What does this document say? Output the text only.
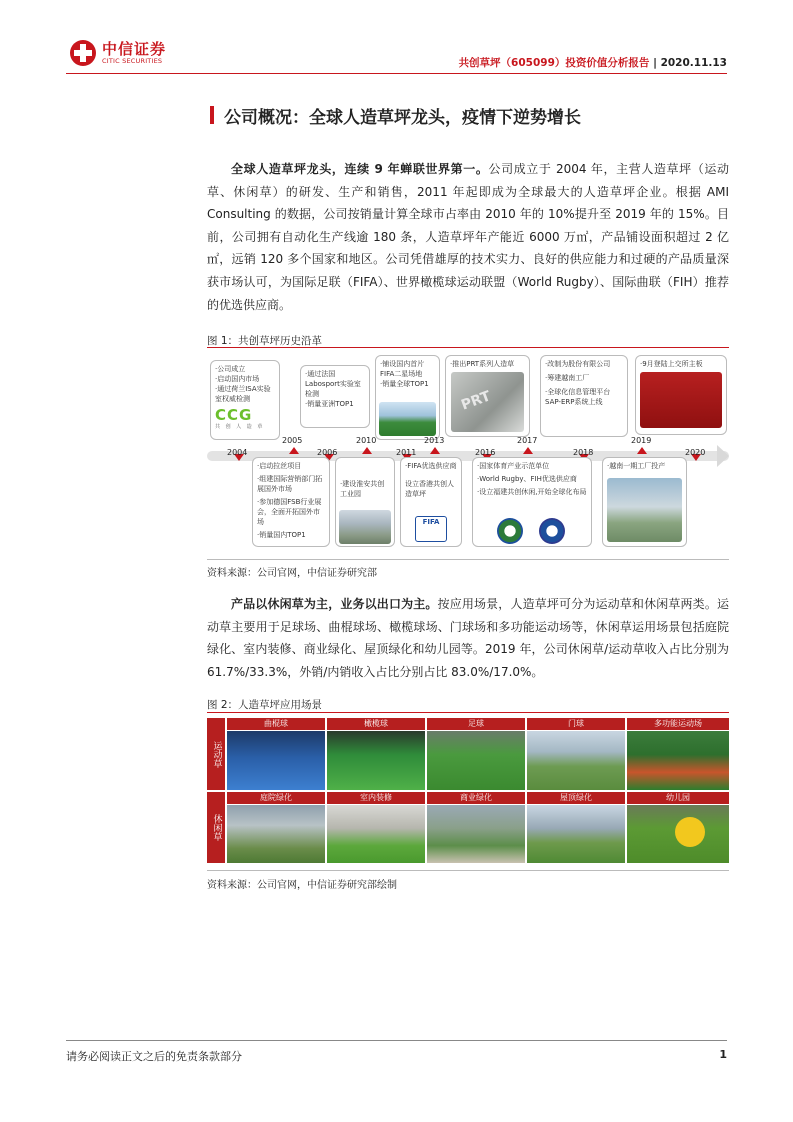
中信证券
CITIC SECURITIES	共创草坪（605099）投资价值分析报告 | 2020.11.13
公司概况：全球人造草坪龙头，疫情下逆势增长
全球人造草坪龙头，连续 9 年蝉联世界第一。公司成立于 2004 年，主营人造草坪（运动草、休闲草）的研发、生产和销售，2011 年起即成为全球最大的人造草坪企业。根据 AMI Consulting 的数据，公司按销量计算全球市占率由 2010 年的 10%提升至 2019 年的 15%。目前，公司拥有自动化生产线逾 180 条，人造草坪年产能近 6000 万㎡，产品铺设面积超过 2 亿㎡，远销 120 多个国家和地区。公司凭借雄厚的技术实力、良好的供应能力和过硬的产品质量深获市场认可，为国际足联（FIFA）、世界橄榄球运动联盟（World Rugby）、国际曲联（FIH）推荐的优选供应商。
图 1：共创草坪历史沿革
·公司成立
·启动国内市场
·通过荷兰ISA实验室权威检测
CCG
共 创 人 造 草
·通过法国Labosport实验室检测
·销量亚洲TOP1
·铺设国内首片FIFA二星场地
·销量全球TOP1
·推出PRT系列人造草
PRT
·改制为股份有限公司
·筹建越南工厂
·全球化信息管理平台SAP-ERP系统上线
·9月登陆上交所主板
2004
2005
2006
2010
2011
2013
2016
2017
2018
2019
2020
·启动拉丝项目
·组建国际营销部门拓展国外市场
·参加德国FSB行业展会，全面开拓国外市场
·销量国内TOP1
·建设淮安共创工业园
·FIFA优选供应商
设立香港共创人造草坪
FIFA
·国家体育产业示范单位
·World Rugby、FIH优选供应商
·设立福建共创休闲,开始全球化布局
·越南一期工厂投产
资料来源：公司官网，中信证券研究部
产品以休闲草为主，业务以出口为主。按应用场景，人造草坪可分为运动草和休闲草两类。运动草主要用于足球场、曲棍球场、橄榄球场、门球场和多功能运动场等，休闲草运用场景包括庭院绿化、室内装修、商业绿化、屋顶绿化和幼儿园等。2019 年，公司休闲草/运动草收入占比分别为 61.7%/33.3%，外销/内销收入占比分别占比 83.0%/17.0%。
图 2：人造草坪应用场景
运动草
休闲草
曲棍球	橄榄球	足球	门球	多功能运动场
庭院绿化	室内装修	商业绿化	屋顶绿化	幼儿园
资料来源：公司官网，中信证券研究部绘制
请务必阅读正文之后的免责条款部分	1
